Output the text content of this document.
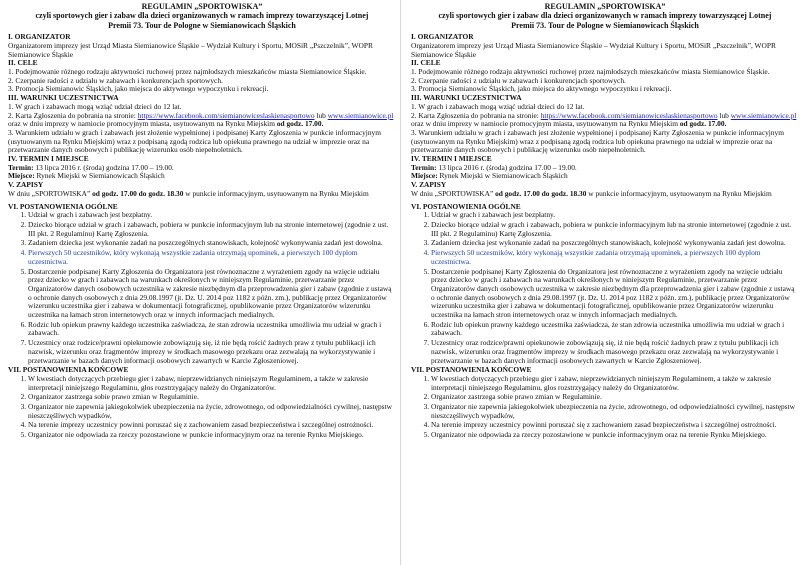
REGULAMIN „SPORTOWISKA”
czyli sportowych gier i zabaw dla dzieci organizowanych w ramach imprezy towarzyszącej Lotnej
Premii 73. Tour de Pologne w Siemianowicach Śląskich
I. ORGANIZATOR

Organizatorem imprezy jest Urząd Miasta Siemianowice Śląskie – Wydział Kultury i Sportu, MOSiR „Pszczelnik”, WOPR Siemianowice Śląskie

II. CELE

1. Podejmowanie różnego rodzaju aktywności ruchowej przez najmłodszych mieszkańców miasta Siemianowice Śląskie.

2. Czerpanie radości z udziału w zabawach i konkurencjach sportowych.

3. Promocja Siemianowic Śląskich, jako miejsca do aktywnego wypoczynku i rekreacji.

III. WARUNKI UCZESTNICTWA

1. W grach i zabawach mogą wziąć udział dzieci do 12 lat.

2. Karta Zgłoszenia do pobrania na stronie: https://www.facebook.com/siemianowiceslaskienasportowo lub www.siemianowice.pl oraz w dniu imprezy w namiocie promocyjnym miasta, usytuowanym na Rynku Miejskim od godz. 17.00.

3. Warunkiem udziału w grach i zabawach jest złożenie wypełnionej i podpisanej Karty Zgłoszenia w punkcie informacyjnym (usytuowanym na Rynku Miejskim) wraz z podpisaną zgodą rodzica lub opiekuna prawnego na udział w imprezie oraz na przetwarzanie danych osobowych i publikację wizerunku osób niepełnoletnich.

IV. TERMIN I MIEJSCE

Termin: 13 lipca 2016 r. (środa) godzina 17.00 – 19.00.

Miejsce: Rynek Miejski w Siemianowicach Śląskich

V. ZAPISY

W dniu „SPORTOWISKA” od godz. 17.00 do godz. 18.30 w punkcie informacyjnym, usytuowanym na Rynku Miejskim

VI. POSTANOWIENIA OGÓLNE
1. Udział w grach i zabawach jest bezpłatny.
2. Dziecko biorące udział w grach i zabawach, pobiera w punkcie informacyjnym lub na stronie internetowej (zgodnie z ust. III pkt. 2 Regulaminu) Kartę Zgłoszenia.
3. Zadaniem dziecka jest wykonanie zadań na poszczególnych stanowiskach, kolejność wykonywania zadań jest dowolna.
4. Pierwszych 50 uczestników, który wykonają wszystkie zadania otrzymają upominek, a pierwszych 100 dyplom uczestnictwa.
5. Dostarczenie podpisanej Karty Zgłoszenia do Organizatora jest równoznaczne z wyrażeniem zgody na wzięcie udziału przez dziecko w grach i zabawach na warunkach określonych w niniejszym Regulaminie, przetwarzanie przez Organizatorów danych osobowych uczestnika w zakresie niezbędnym dla przeprowadzenia gier i zabaw (zgodnie z ustawą o ochronie danych osobowych z dnia 29.08.1997 (jt. Dz. U. 2014 poz 1182 z późn. zm.), publikację przez Organizatorów wizerunku uczestnika gier i zabawa w dokumentacji fotograficznej, opublikowanie przez Organizatorów wizerunku uczestnika na łamach stron internetowych oraz w innych informacjach medialnych.
6. Rodzic lub opiekun prawny każdego uczestnika zaświadcza, że stan zdrowia uczestnika umożliwia mu udział w grach i zabawach.
7. Uczestnicy oraz rodzice/prawni opiekunowie zobowiązują się, iż nie będą rościć żadnych praw z tytułu publikacji ich nazwisk, wizerunku oraz fragmentów imprezy w środkach masowego przekazu oraz zezwalają na wykorzystywanie i przetwarzanie w bazach danych informacji osobowych zawartych w Karcie Zgłoszeniowej.
VII. POSTANOWIENIA KOŃCOWE
1. W kwestiach dotyczących przebiegu gier i zabaw, nieprzewidzianych niniejszym Regulaminem, a także w zakresie interpretacji niniejszego Regulaminu, głos rozstrzygający należy do Organizatorów.
2. Organizator zastrzega sobie prawo zmian w Regulaminie.
3. Organizator nie zapewnia jakiegokolwiek ubezpieczenia na życie, zdrowotnego, od odpowiedzialności cywilnej, następstw nieszczęśliwych wypadków,
4. Na terenie imprezy uczestnicy powinni poruszać się z zachowaniem zasad bezpieczeństwa i szczególnej ostrożności.
5. Organizator nie odpowiada za rzeczy pozostawione w punkcie informacyjnym oraz na terenie Rynku Miejskiego.
REGULAMIN „SPORTOWISKA”
czyli sportowych gier i zabaw dla dzieci organizowanych w ramach imprezy towarzyszącej Lotnej
Premii 73. Tour de Pologne w Siemianowicach Śląskich
I. ORGANIZATOR

Organizatorem imprezy jest Urząd Miasta Siemianowice Śląskie – Wydział Kultury i Sportu, MOSiR „Pszczelnik”, WOPR Siemianowice Śląskie

II. CELE

1. Podejmowanie różnego rodzaju aktywności ruchowej przez najmłodszych mieszkańców miasta Siemianowice Śląskie.

2. Czerpanie radości z udziału w zabawach i konkurencjach sportowych.

3. Promocja Siemianowic Śląskich, jako miejsca do aktywnego wypoczynku i rekreacji.

III. WARUNKI UCZESTNICTWA

1. W grach i zabawach mogą wziąć udział dzieci do 12 lat.

2. Karta Zgłoszenia do pobrania na stronie: https://www.facebook.com/siemianowiceslaskienasportowo lub www.siemianowice.pl oraz w dniu imprezy w namiocie promocyjnym miasta, usytuowanym na Rynku Miejskim od godz. 17.00.

3. Warunkiem udziału w grach i zabawach jest złożenie wypełnionej i podpisanej Karty Zgłoszenia w punkcie informacyjnym (usytuowanym na Rynku Miejskim) wraz z podpisaną zgodą rodzica lub opiekuna prawnego na udział w imprezie oraz na przetwarzanie danych osobowych i publikację wizerunku osób niepełnoletnich.

IV. TERMIN I MIEJSCE

Termin: 13 lipca 2016 r. (środa) godzina 17.00 – 19.00.

Miejsce: Rynek Miejski w Siemianowicach Śląskich

V. ZAPISY

W dniu „SPORTOWISKA” od godz. 17.00 do godz. 18.30 w punkcie informacyjnym, usytuowanym na Rynku Miejskim

VI. POSTANOWIENIA OGÓLNE
1. Udział w grach i zabawach jest bezpłatny.
2. Dziecko biorące udział w grach i zabawach, pobiera w punkcie informacyjnym lub na stronie internetowej (zgodnie z ust. III pkt. 2 Regulaminu) Kartę Zgłoszenia.
3. Zadaniem dziecka jest wykonanie zadań na poszczególnych stanowiskach, kolejność wykonywania zadań jest dowolna.
4. Pierwszych 50 uczestników, który wykonają wszystkie zadania otrzymają upominek, a pierwszych 100 dyplom uczestnictwa.
5. Dostarczenie podpisanej Karty Zgłoszenia do Organizatora jest równoznaczne z wyrażeniem zgody na wzięcie udziału przez dziecko w grach i zabawach na warunkach określonych w niniejszym Regulaminie, przetwarzanie przez Organizatorów danych osobowych uczestnika w zakresie niezbędnym dla przeprowadzenia gier i zabaw (zgodnie z ustawą o ochronie danych osobowych z dnia 29.08.1997 (jt. Dz. U. 2014 poz 1182 z późn. zm.), publikację przez Organizatorów wizerunku uczestnika gier i zabawa w dokumentacji fotograficznej, opublikowanie przez Organizatorów wizerunku uczestnika na łamach stron internetowych oraz w innych informacjach medialnych.
6. Rodzic lub opiekun prawny każdego uczestnika zaświadcza, że stan zdrowia uczestnika umożliwia mu udział w grach i zabawach.
7. Uczestnicy oraz rodzice/prawni opiekunowie zobowiązują się, iż nie będą rościć żadnych praw z tytułu publikacji ich nazwisk, wizerunku oraz fragmentów imprezy w środkach masowego przekazu oraz zezwalają na wykorzystywanie i przetwarzanie w bazach danych informacji osobowych zawartych w Karcie Zgłoszeniowej.
VII. POSTANOWIENIA KOŃCOWE
1. W kwestiach dotyczących przebiegu gier i zabaw, nieprzewidzianych niniejszym Regulaminem, a także w zakresie interpretacji niniejszego Regulaminu, głos rozstrzygający należy do Organizatorów.
2. Organizator zastrzega sobie prawo zmian w Regulaminie.
3. Organizator nie zapewnia jakiegokolwiek ubezpieczenia na życie, zdrowotnego, od odpowiedzialności cywilnej, następstw nieszczęśliwych wypadków,
4. Na terenie imprezy uczestnicy powinni poruszać się z zachowaniem zasad bezpieczeństwa i szczególnej ostrożności.
5. Organizator nie odpowiada za rzeczy pozostawione w punkcie informacyjnym oraz na terenie Rynku Miejskiego.
